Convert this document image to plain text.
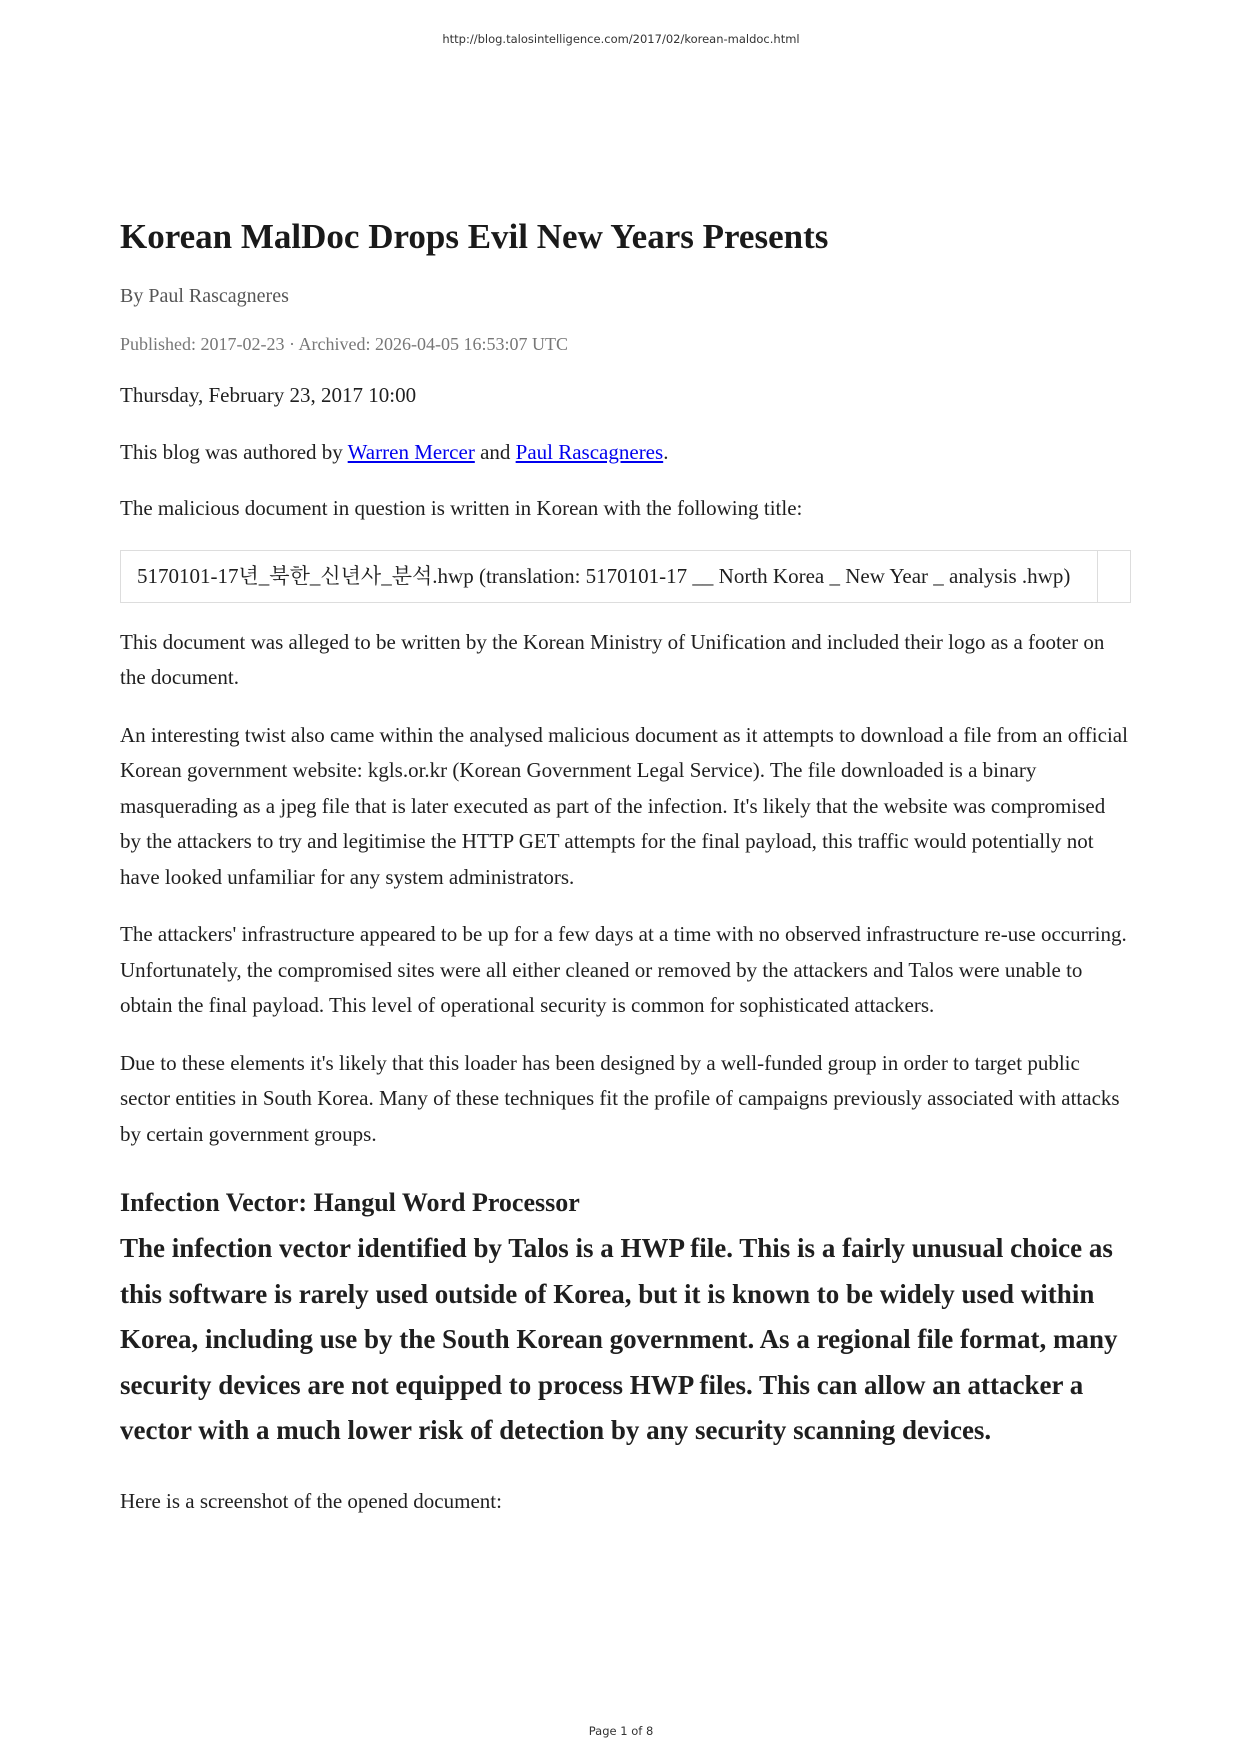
http://blog.talosintelligence.com/2017/02/korean-maldoc.html
Korean MalDoc Drops Evil New Years Presents
By Paul Rascagneres
Published: 2017-02-23 · Archived: 2026-04-05 16:53:07 UTC

Thursday, February 23, 2017 10:00

This blog was authored by Warren Mercer and Paul Rascagneres.

The malicious document in question is written in Korean with the following title:

5170101-17년_북한_신년사_분석.hwp (translation: 5170101-17 __ North Korea _ New Year _ analysis .hwp)	

This document was alleged to be written by the Korean Ministry of Unification and included their logo as a footer on the document.

An interesting twist also came within the analysed malicious document as it attempts to download a file from an official Korean government website: kgls.or.kr (Korean Government Legal Service). The file downloaded is a binary masquerading as a jpeg file that is later executed as part of the infection. It's likely that the website was compromised by the attackers to try and legitimise the HTTP GET attempts for the final payload, this traffic would potentially not have looked unfamiliar for any system administrators.

The attackers' infrastructure appeared to be up for a few days at a time with no observed infrastructure re-use occurring. Unfortunately, the compromised sites were all either cleaned or removed by the attackers and Talos were unable to obtain the final payload. This level of operational security is common for sophisticated attackers.

Due to these elements it's likely that this loader has been designed by a well-funded group in order to target public sector entities in South Korea. Many of these techniques fit the profile of campaigns previously associated with attacks by certain government groups.

Infection Vector: Hangul Word Processor
The infection vector identified by Talos is a HWP file. This is a fairly unusual choice as this software is rarely used outside of Korea, but it is known to be widely used within Korea, including use by the South Korean government. As a regional file format, many security devices are not equipped to process HWP files. This can allow an attacker a vector with a much lower risk of detection by any security scanning devices.

Here is a screenshot of the opened document:

Page 1 of 8
